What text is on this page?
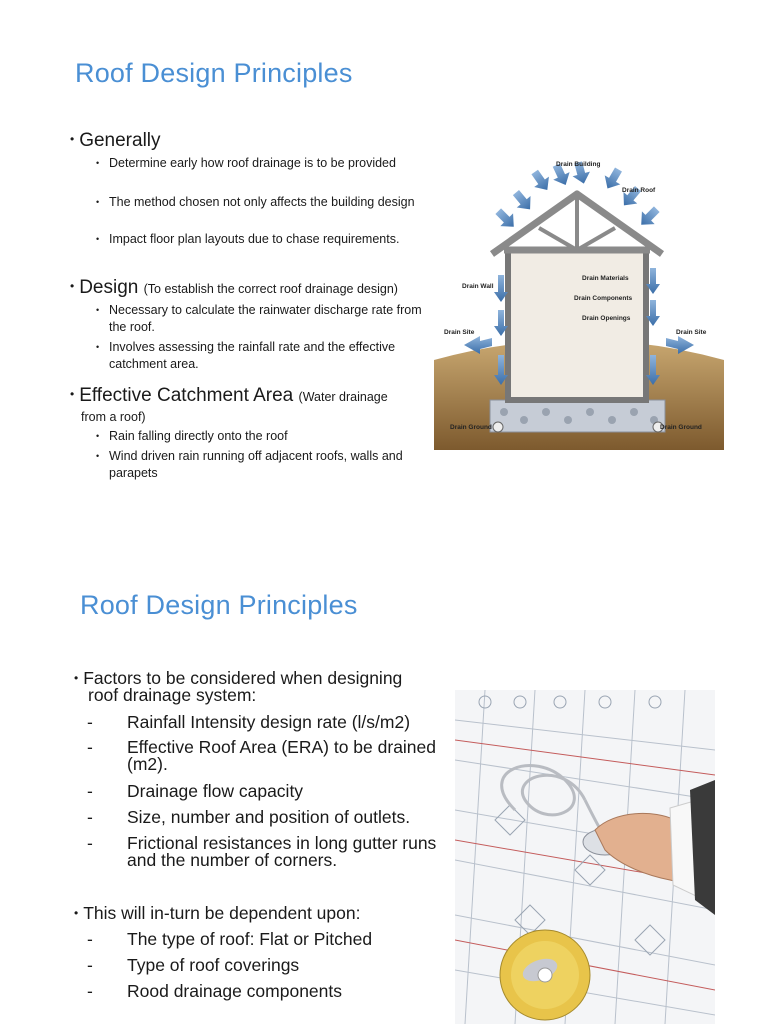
Roof Design Principles
• Generally
• Determine early how roof drainage is to be provided
• The method chosen not only affects the building design
• Impact floor plan layouts due to chase requirements.
• Design (To establish the correct roof drainage design)
• Necessary to calculate the rainwater discharge rate from the roof.
• Involves assessing the rainfall rate and the effective catchment area.
• Effective Catchment Area (Water drainage
from a roof)
• Rain falling directly onto the roof
• Wind driven rain running off adjacent roofs, walls and parapets
Drain Building
Drain Roof
Drain Wall
Drain Materials
Drain Components
Drain Openings
Drain Site	Drain Site
Drain Ground	Drain Ground
Roof Design Principles
• Factors to be considered when designing
roof drainage system:
-	Rainfall Intensity design rate (l/s/m2)
-	Effective Roof Area (ERA) to be drained
(m2).
-	Drainage flow capacity
-	Size, number and position of outlets.
-	Frictional resistances in long gutter runs
and the number of corners.
• This will in-turn be dependent upon:
-	The type of roof: Flat or Pitched
-	Type of roof coverings
-	Rood drainage components
